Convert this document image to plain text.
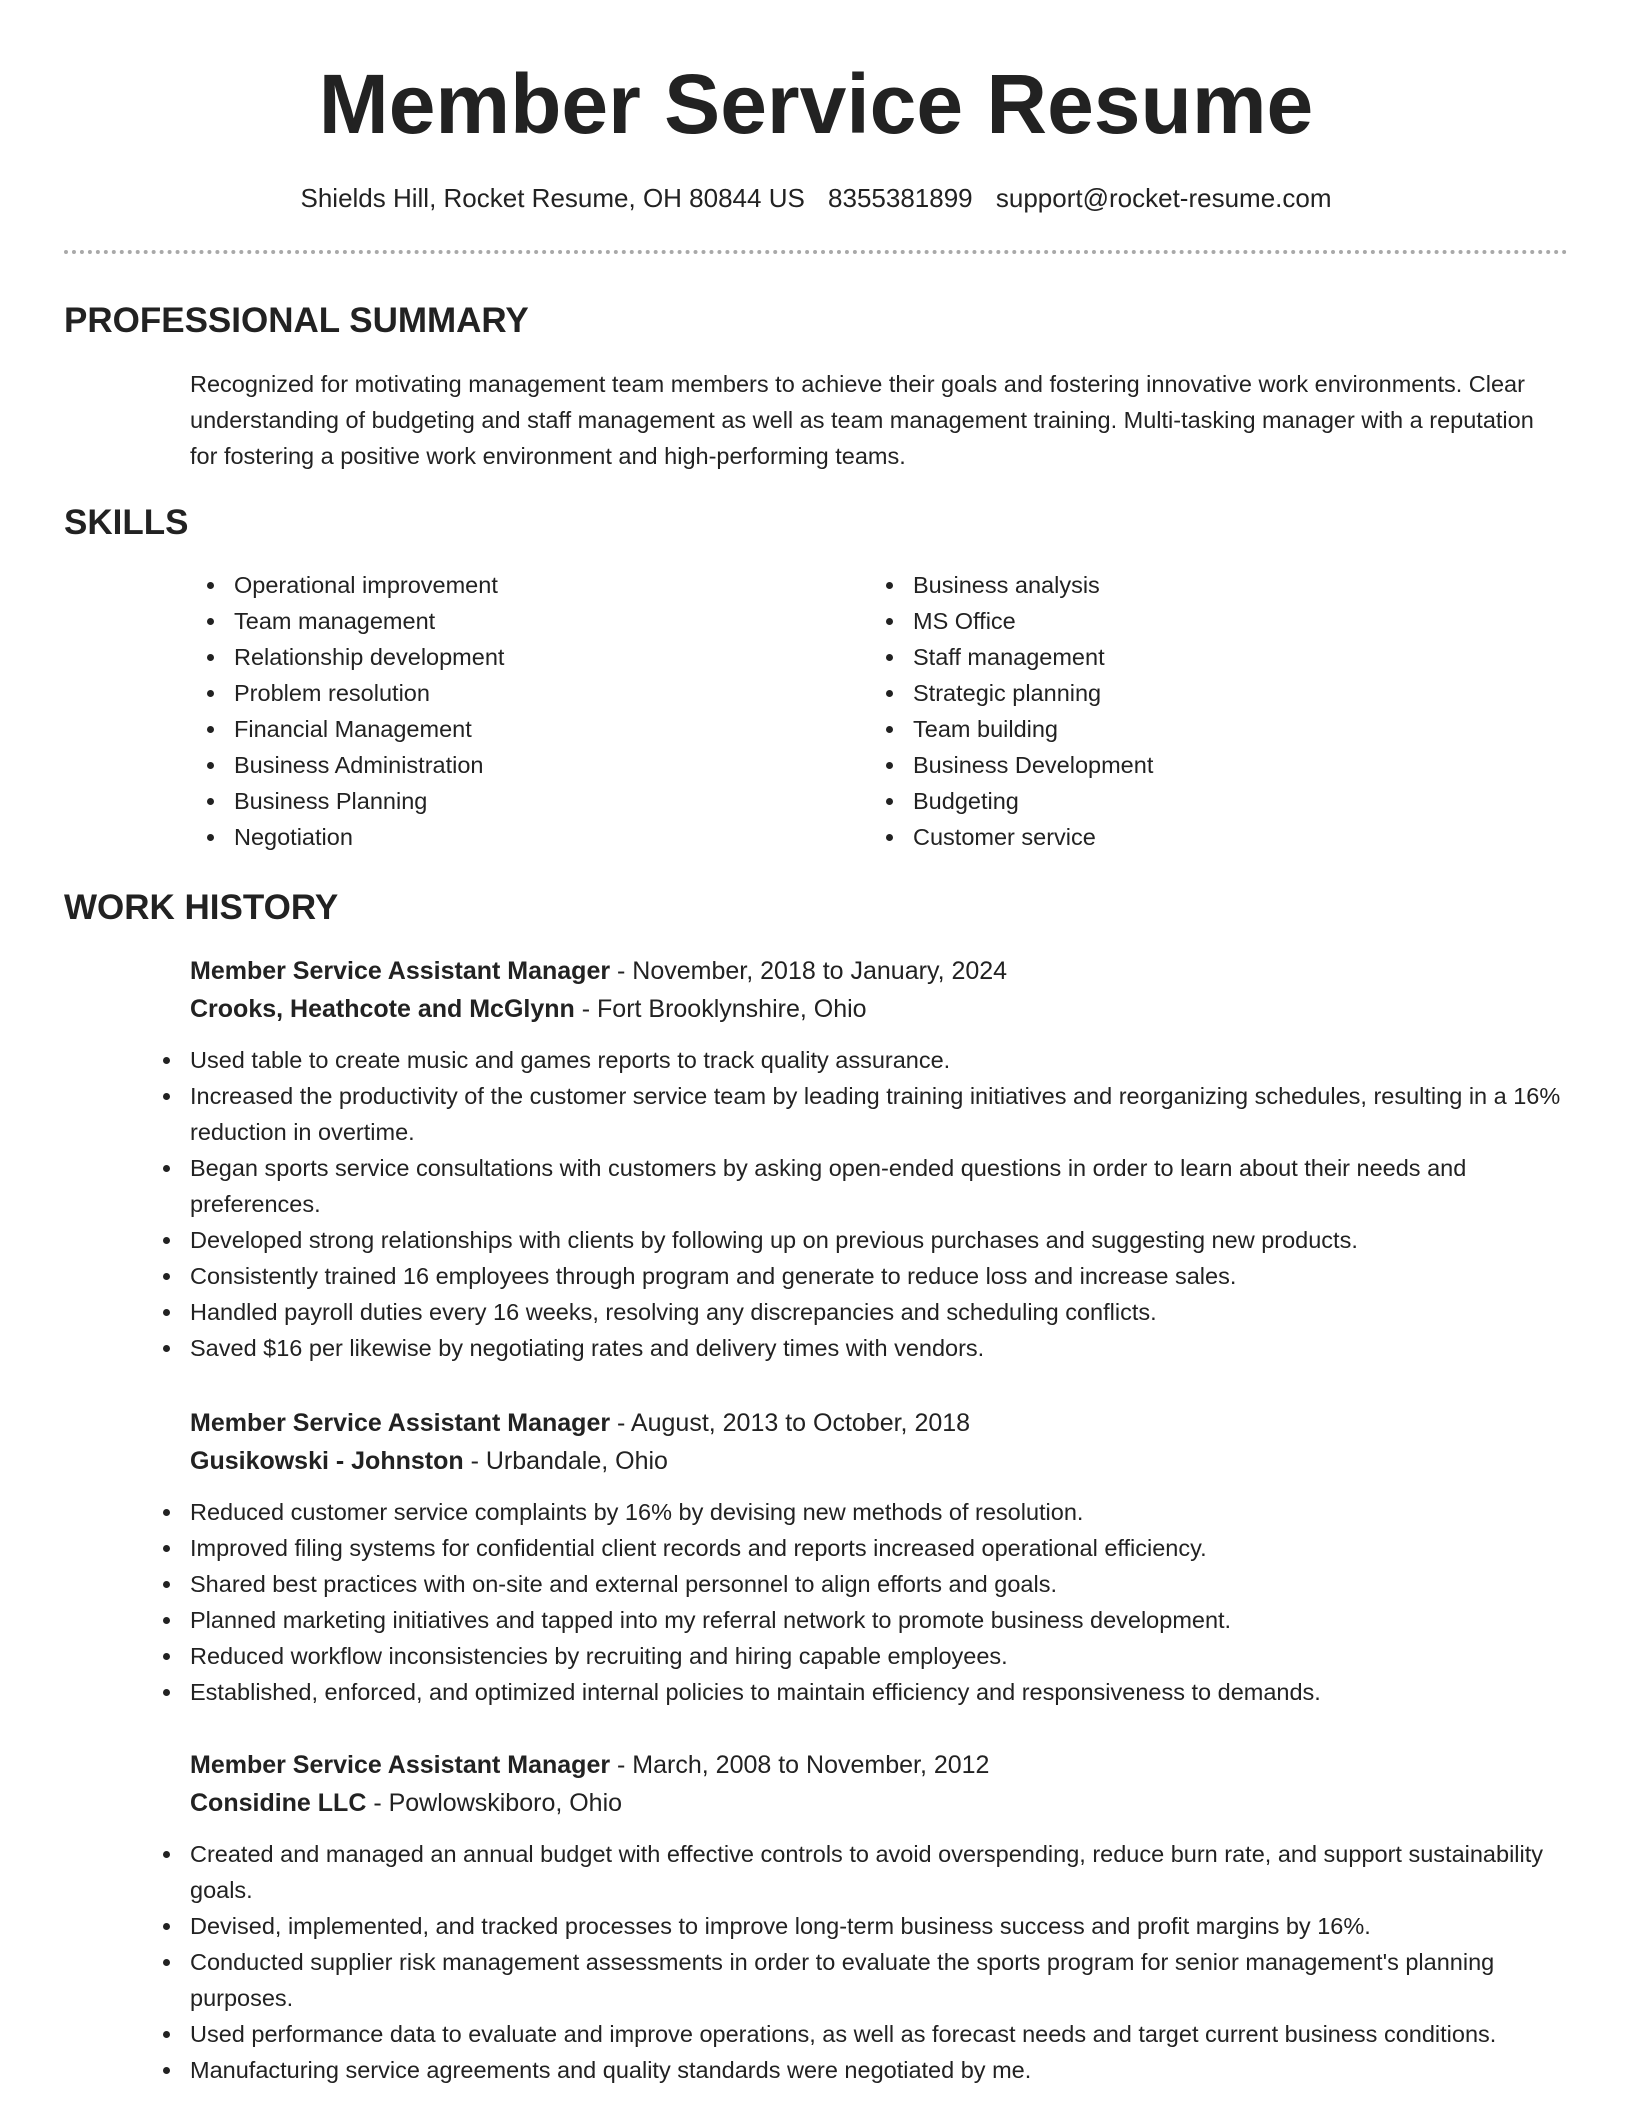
Member Service Resume
Shields Hill, Rocket Resume, OH 80844 US 8355381899 support@rocket-resume.com
PROFESSIONAL SUMMARY

Recognized for motivating management team members to achieve their goals and fostering innovative work environments. Clear understanding of budgeting and staff management as well as team management training. Multi-tasking manager with a reputation for fostering a positive work environment and high-performing teams.

SKILLS
Operational improvement
Team management
Relationship development
Problem resolution
Financial Management
Business Administration
Business Planning
Negotiation
Business analysis
MS Office
Staff management
Strategic planning
Team building
Business Development
Budgeting
Customer service
WORK HISTORY
Member Service Assistant Manager - November, 2018 to January, 2024
Crooks, Heathcote and McGlynn - Fort Brooklynshire, Ohio
Used table to create music and games reports to track quality assurance.
Increased the productivity of the customer service team by leading training initiatives and reorganizing schedules, resulting in a 16% reduction in overtime.
Began sports service consultations with customers by asking open-ended questions in order to learn about their needs and preferences.
Developed strong relationships with clients by following up on previous purchases and suggesting new products.
Consistently trained 16 employees through program and generate to reduce loss and increase sales.
Handled payroll duties every 16 weeks, resolving any discrepancies and scheduling conflicts.
Saved $16 per likewise by negotiating rates and delivery times with vendors.
Member Service Assistant Manager - August, 2013 to October, 2018
Gusikowski - Johnston - Urbandale, Ohio
Reduced customer service complaints by 16% by devising new methods of resolution.
Improved filing systems for confidential client records and reports increased operational efficiency.
Shared best practices with on-site and external personnel to align efforts and goals.
Planned marketing initiatives and tapped into my referral network to promote business development.
Reduced workflow inconsistencies by recruiting and hiring capable employees.
Established, enforced, and optimized internal policies to maintain efficiency and responsiveness to demands.
Member Service Assistant Manager - March, 2008 to November, 2012
Considine LLC - Powlowskiboro, Ohio
Created and managed an annual budget with effective controls to avoid overspending, reduce burn rate, and support sustainability goals.
Devised, implemented, and tracked processes to improve long-term business success and profit margins by 16%.
Conducted supplier risk management assessments in order to evaluate the sports program for senior management's planning purposes.
Used performance data to evaluate and improve operations, as well as forecast needs and target current business conditions.
Manufacturing service agreements and quality standards were negotiated by me.
